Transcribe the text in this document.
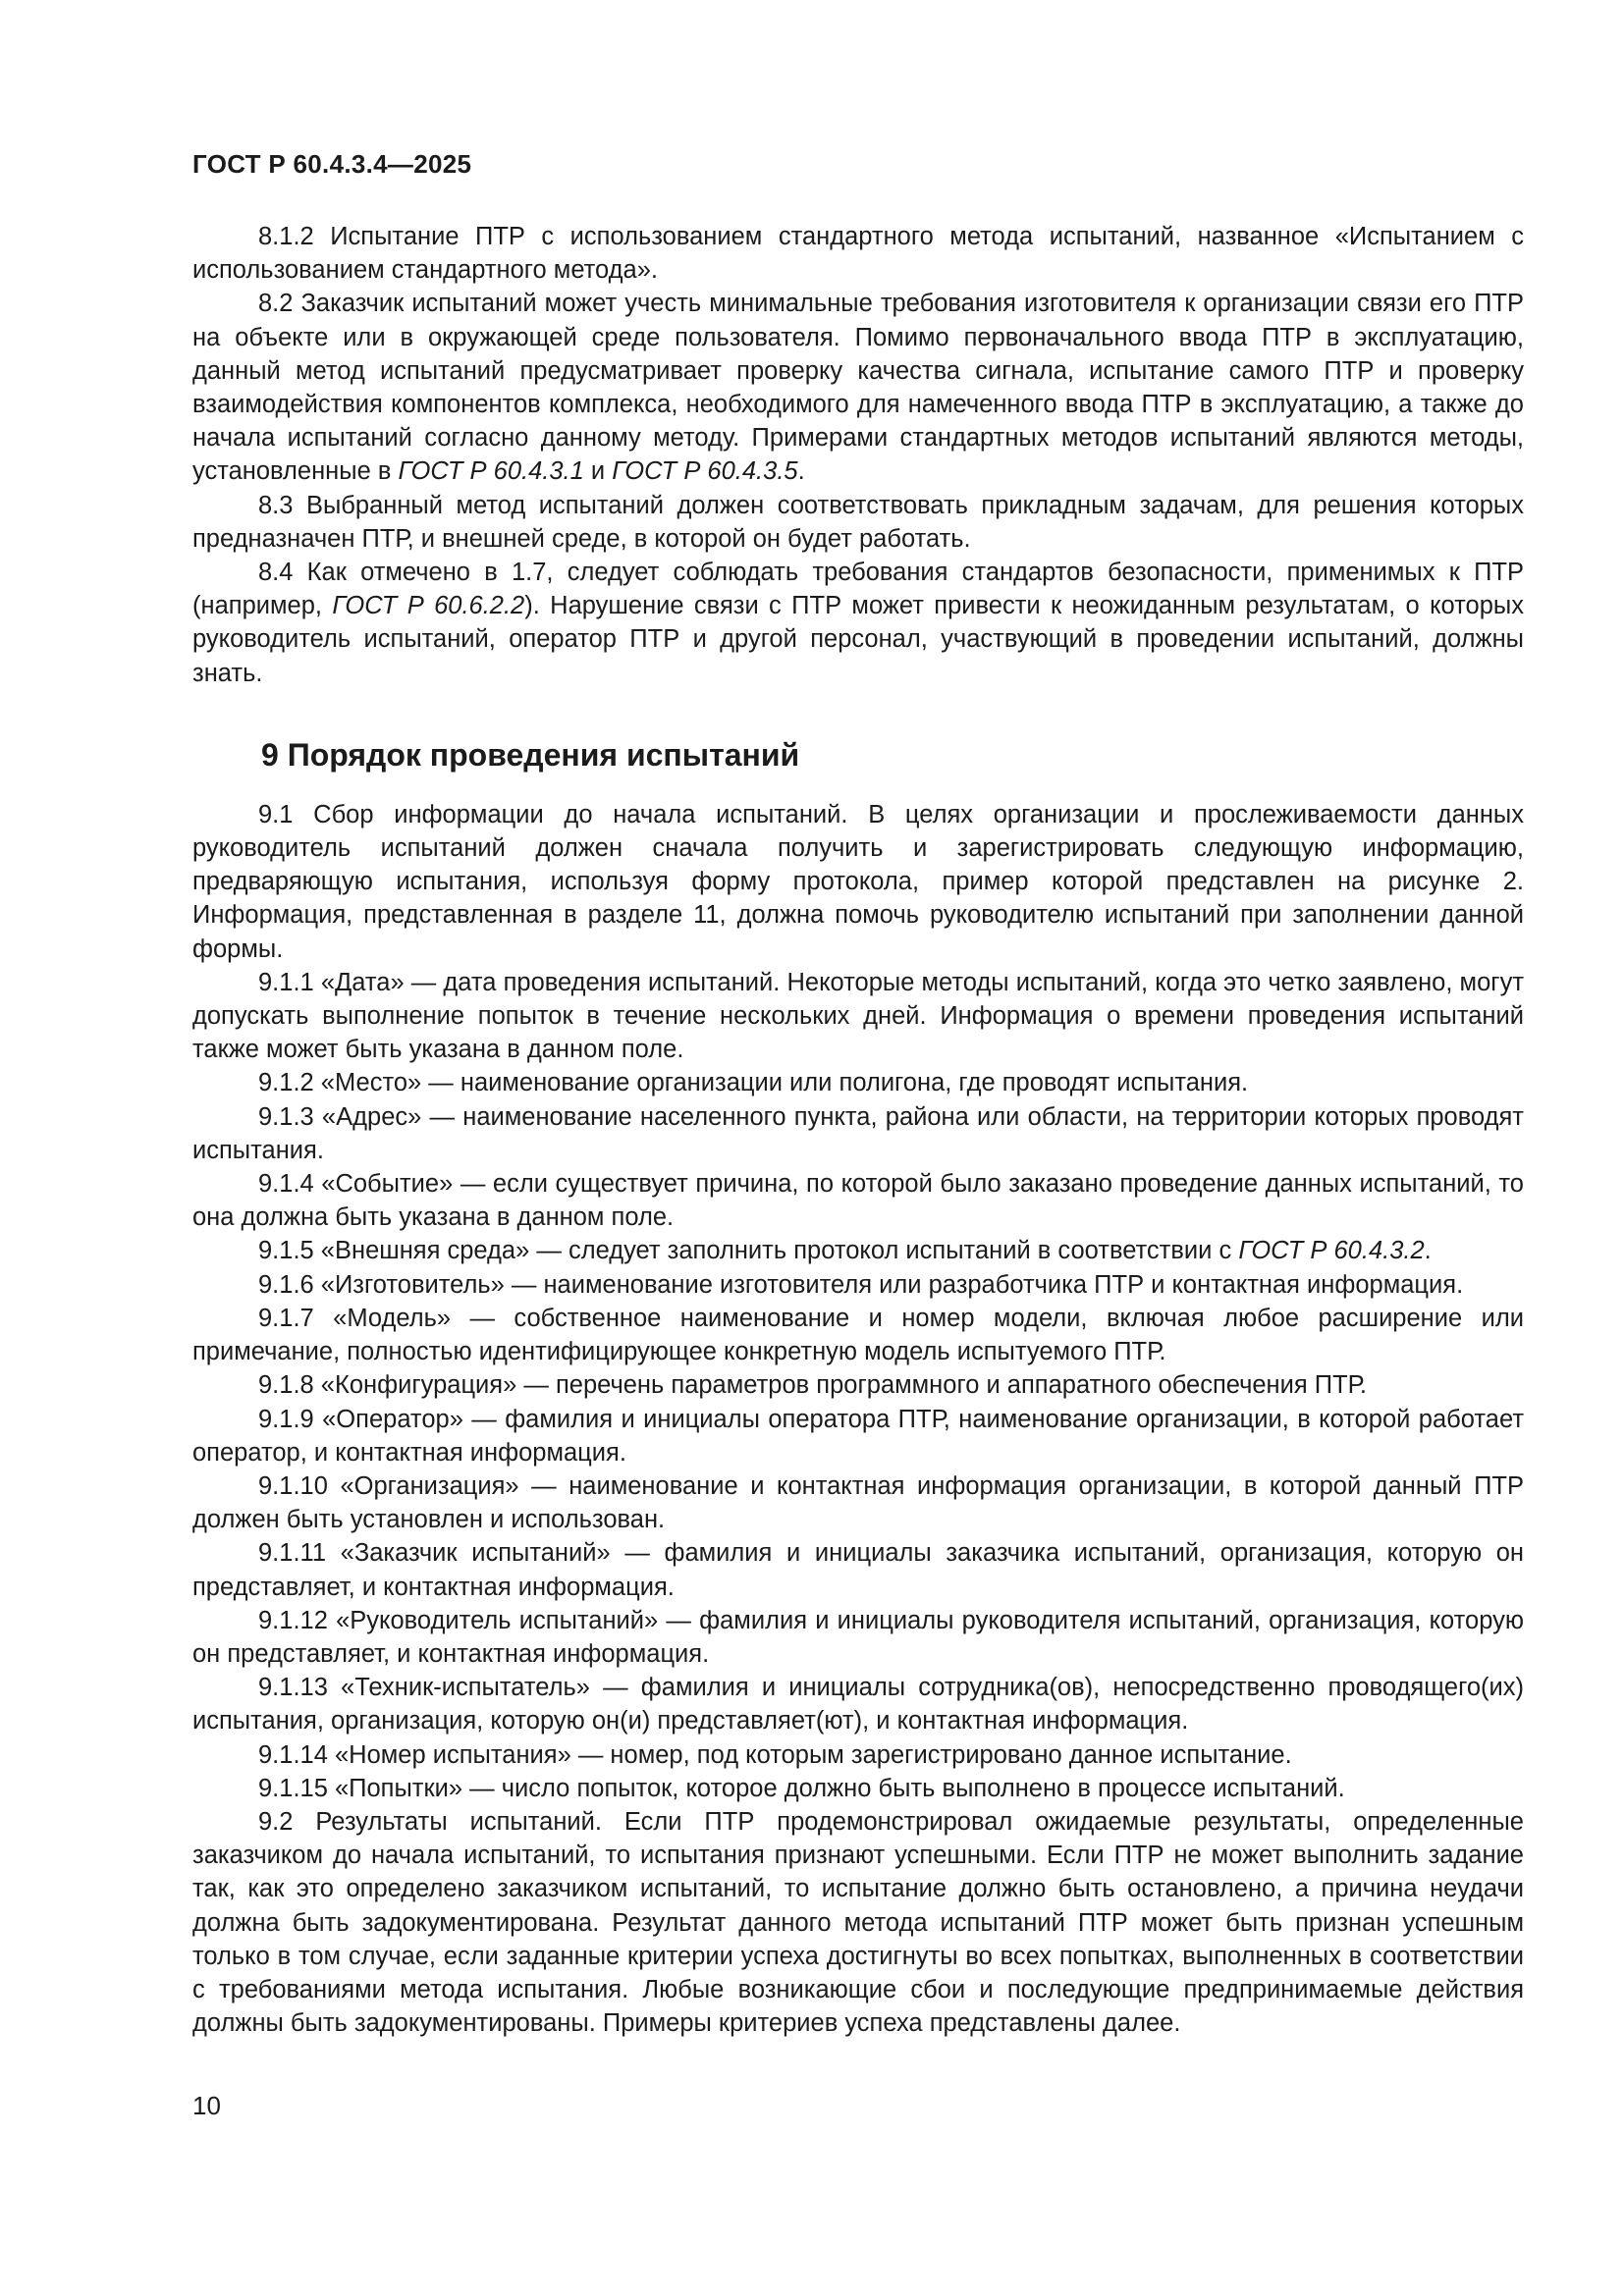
ГОСТ Р 60.4.3.4—2025

8.1.2 Испытание ПТР с использованием стандартного метода испытаний, названное «Испытанием с использованием стандартного метода».

8.2 Заказчик испытаний может учесть минимальные требования изготовителя к организации связи его ПТР на объекте или в окружающей среде пользователя. Помимо первоначального ввода ПТР в эксплуатацию, данный метод испытаний предусматривает проверку качества сигнала, испытание самого ПТР и проверку взаимодействия компонентов комплекса, необходимого для намеченного ввода ПТР в эксплуатацию, а также до начала испытаний согласно данному методу. Примерами стандартных методов испытаний являются методы, установленные в ГОСТ Р 60.4.3.1 и ГОСТ Р 60.4.3.5.

8.3 Выбранный метод испытаний должен соответствовать прикладным задачам, для решения которых предназначен ПТР, и внешней среде, в которой он будет работать.

8.4 Как отмечено в 1.7, следует соблюдать требования стандартов безопасности, применимых к ПТР (например, ГОСТ Р 60.6.2.2). Нарушение связи с ПТР может привести к неожиданным результатам, о которых руководитель испытаний, оператор ПТР и другой персонал, участвующий в проведении испытаний, должны знать.

9 Порядок проведения испытаний

9.1 Сбор информации до начала испытаний. В целях организации и прослеживаемости данных руководитель испытаний должен сначала получить и зарегистрировать следующую информацию, предваряющую испытания, используя форму протокола, пример которой представлен на рисунке 2. Информация, представленная в разделе 11, должна помочь руководителю испытаний при заполнении данной формы.

9.1.1 «Дата» — дата проведения испытаний. Некоторые методы испытаний, когда это четко заявлено, могут допускать выполнение попыток в течение нескольких дней. Информация о времени проведения испытаний также может быть указана в данном поле.

9.1.2 «Место» — наименование организации или полигона, где проводят испытания.

9.1.3 «Адрес» — наименование населенного пункта, района или области, на территории которых проводят испытания.

9.1.4 «Событие» — если существует причина, по которой было заказано проведение данных испытаний, то она должна быть указана в данном поле.

9.1.5 «Внешняя среда» — следует заполнить протокол испытаний в соответствии с ГОСТ Р 60.4.3.2.

9.1.6 «Изготовитель» — наименование изготовителя или разработчика ПТР и контактная информация.

9.1.7 «Модель» — собственное наименование и номер модели, включая любое расширение или примечание, полностью идентифицирующее конкретную модель испытуемого ПТР.

9.1.8 «Конфигурация» — перечень параметров программного и аппаратного обеспечения ПТР.

9.1.9 «Оператор» — фамилия и инициалы оператора ПТР, наименование организации, в которой работает оператор, и контактная информация.

9.1.10 «Организация» — наименование и контактная информация организации, в которой данный ПТР должен быть установлен и использован.

9.1.11 «Заказчик испытаний» — фамилия и инициалы заказчика испытаний, организация, которую он представляет, и контактная информация.

9.1.12 «Руководитель испытаний» — фамилия и инициалы руководителя испытаний, организация, которую он представляет, и контактная информация.

9.1.13 «Техник-испытатель» — фамилия и инициалы сотрудника(ов), непосредственно проводящего(их) испытания, организация, которую он(и) представляет(ют), и контактная информация.

9.1.14 «Номер испытания» — номер, под которым зарегистрировано данное испытание.

9.1.15 «Попытки» — число попыток, которое должно быть выполнено в процессе испытаний.

9.2 Результаты испытаний. Если ПТР продемонстрировал ожидаемые результаты, определенные заказчиком до начала испытаний, то испытания признают успешными. Если ПТР не может выполнить задание так, как это определено заказчиком испытаний, то испытание должно быть остановлено, а причина неудачи должна быть задокументирована. Результат данного метода испытаний ПТР может быть признан успешным только в том случае, если заданные критерии успеха достигнуты во всех попытках, выполненных в соответствии с требованиями метода испытания. Любые возникающие сбои и последующие предпринимаемые действия должны быть задокументированы. Примеры критериев успеха представлены далее.

10
